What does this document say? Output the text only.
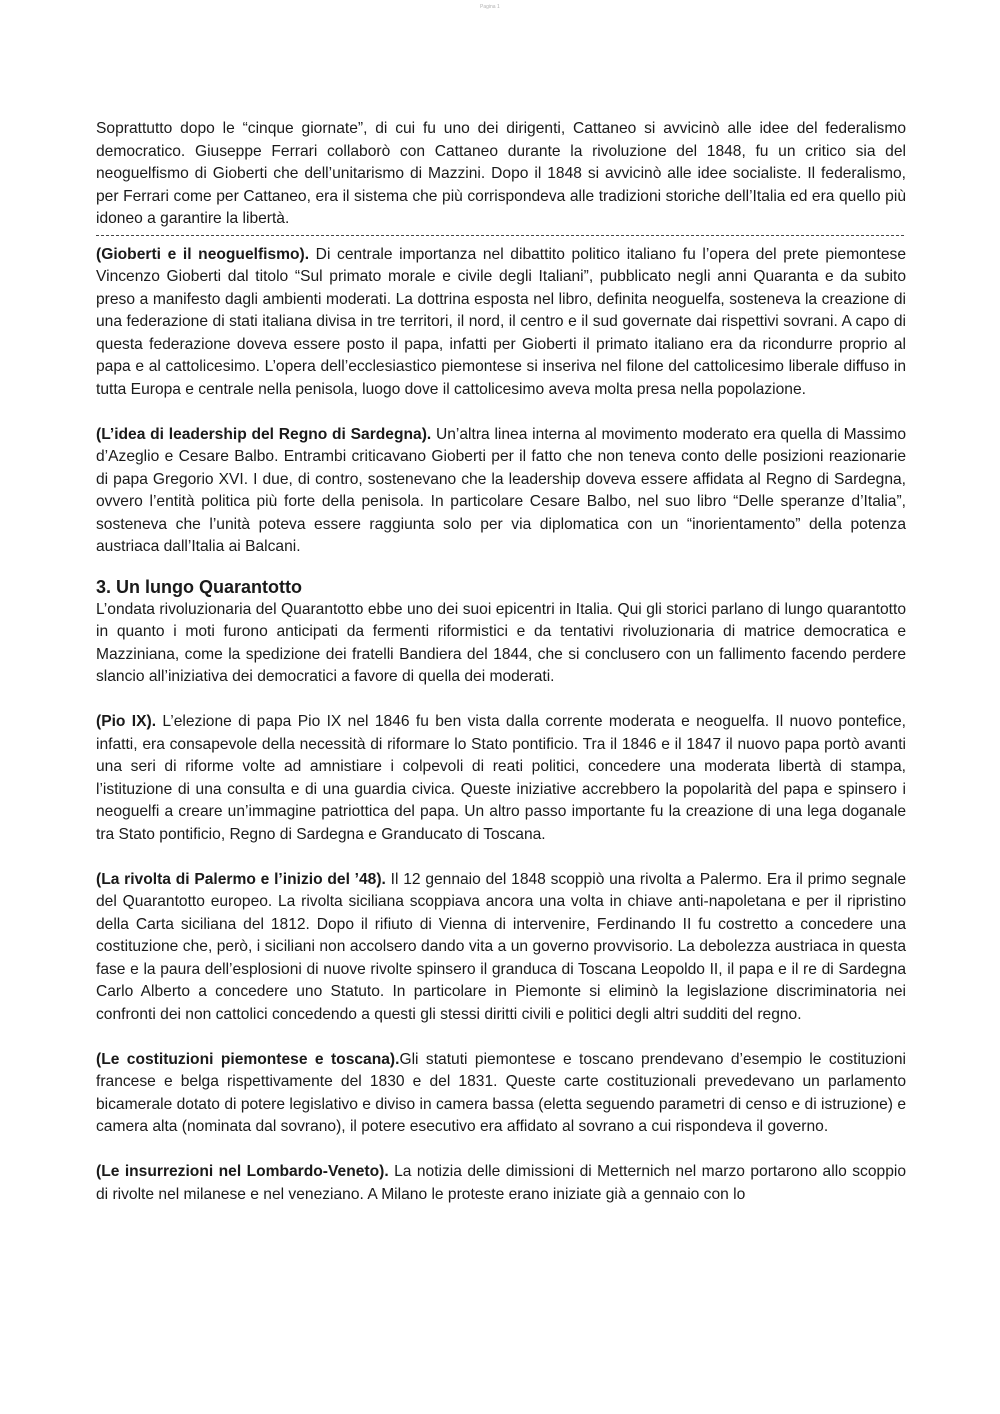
Pagina 1

Soprattutto dopo le “cinque giornate”, di cui fu uno dei dirigenti, Cattaneo si avvicinò alle idee del federalismo democratico. Giuseppe Ferrari collaborò con Cattaneo durante la rivoluzione del 1848, fu un critico sia del neoguelfismo di Gioberti che dell’unitarismo di Mazzini. Dopo il 1848 si avvicinò alle idee socialiste. Il federalismo, per Ferrari come per Cattaneo, era il sistema che più corrispondeva alle tradizioni storiche dell’Italia ed era quello più idoneo a garantire la libertà.

(Gioberti e il neoguelfismo). Di centrale importanza nel dibattito politico italiano fu l’opera del prete piemontese Vincenzo Gioberti dal titolo “Sul primato morale e civile degli Italiani”, pubblicato negli anni Quaranta e da subito preso a manifesto dagli ambienti moderati. La dottrina esposta nel libro, definita neoguelfa, sosteneva la creazione di una federazione di stati italiana divisa in tre territori, il nord, il centro e il sud governate dai rispettivi sovrani. A capo di questa federazione doveva essere posto il papa, infatti per Gioberti il primato italiano era da ricondurre proprio al papa e al cattolicesimo. L’opera dell’ecclesiastico piemontese si inseriva nel filone del cattolicesimo liberale diffuso in tutta Europa e centrale nella penisola, luogo dove il cattolicesimo aveva molta presa nella popolazione.

(L’idea di leadership del Regno di Sardegna). Un’altra linea interna al movimento moderato era quella di Massimo d’Azeglio e Cesare Balbo. Entrambi criticavano Gioberti per il fatto che non teneva conto delle posizioni reazionarie di papa Gregorio XVI. I due, di contro, sostenevano che la leadership doveva essere affidata al Regno di Sardegna, ovvero l’entità politica più forte della penisola. In particolare Cesare Balbo, nel suo libro “Delle speranze d’Italia”, sosteneva che l’unità poteva essere raggiunta solo per via diplomatica con un “inorientamento” della potenza austriaca dall’Italia ai Balcani.

3. Un lungo Quarantotto

L’ondata rivoluzionaria del Quarantotto ebbe uno dei suoi epicentri in Italia. Qui gli storici parlano di lungo quarantotto in quanto i moti furono anticipati da fermenti riformistici e da tentativi rivoluzionaria di matrice democratica e Mazziniana, come la spedizione dei fratelli Bandiera del 1844, che si conclusero con un fallimento facendo perdere slancio all’iniziativa dei democratici a favore di quella dei moderati.

(Pio IX). L’elezione di papa Pio IX nel 1846 fu ben vista dalla corrente moderata e neoguelfa. Il nuovo pontefice, infatti, era consapevole della necessità di riformare lo Stato pontificio. Tra il 1846 e il 1847 il nuovo papa portò avanti una seri di riforme volte ad amnistiare i colpevoli di reati politici, concedere una moderata libertà di stampa, l’istituzione di una consulta e di una guardia civica. Queste iniziative accrebbero la popolarità del papa e spinsero i neoguelfi a creare un’immagine patriottica del papa. Un altro passo importante fu la creazione di una lega doganale tra Stato pontificio, Regno di Sardegna e Granducato di Toscana.

(La rivolta di Palermo e l’inizio del ’48). Il 12 gennaio del 1848 scoppiò una rivolta a Palermo. Era il primo segnale del Quarantotto europeo. La rivolta siciliana scoppiava ancora una volta in chiave anti-napoletana e per il ripristino della Carta siciliana del 1812. Dopo il rifiuto di Vienna di intervenire, Ferdinando II fu costretto a concedere una costituzione che, però, i siciliani non accolsero dando vita a un governo provvisorio. La debolezza austriaca in questa fase e la paura dell’esplosioni di nuove rivolte spinsero il granduca di Toscana Leopoldo II, il papa e il re di Sardegna Carlo Alberto a concedere uno Statuto. In particolare in Piemonte si eliminò la legislazione discriminatoria nei confronti dei non cattolici concedendo a questi gli stessi diritti civili e politici degli altri sudditi del regno.

(Le costituzioni piemontese e toscana).Gli statuti piemontese e toscano prendevano d’esempio le costituzioni francese e belga rispettivamente del 1830 e del 1831. Queste carte costituzionali prevedevano un parlamento bicamerale dotato di potere legislativo e diviso in camera bassa (eletta seguendo parametri di censo e di istruzione) e camera alta (nominata dal sovrano), il potere esecutivo era affidato al sovrano a cui rispondeva il governo.

(Le insurrezioni nel Lombardo-Veneto). La notizia delle dimissioni di Metternich nel marzo portarono allo scoppio di rivolte nel milanese e nel veneziano. A Milano le proteste erano iniziate già a gennaio con lo
